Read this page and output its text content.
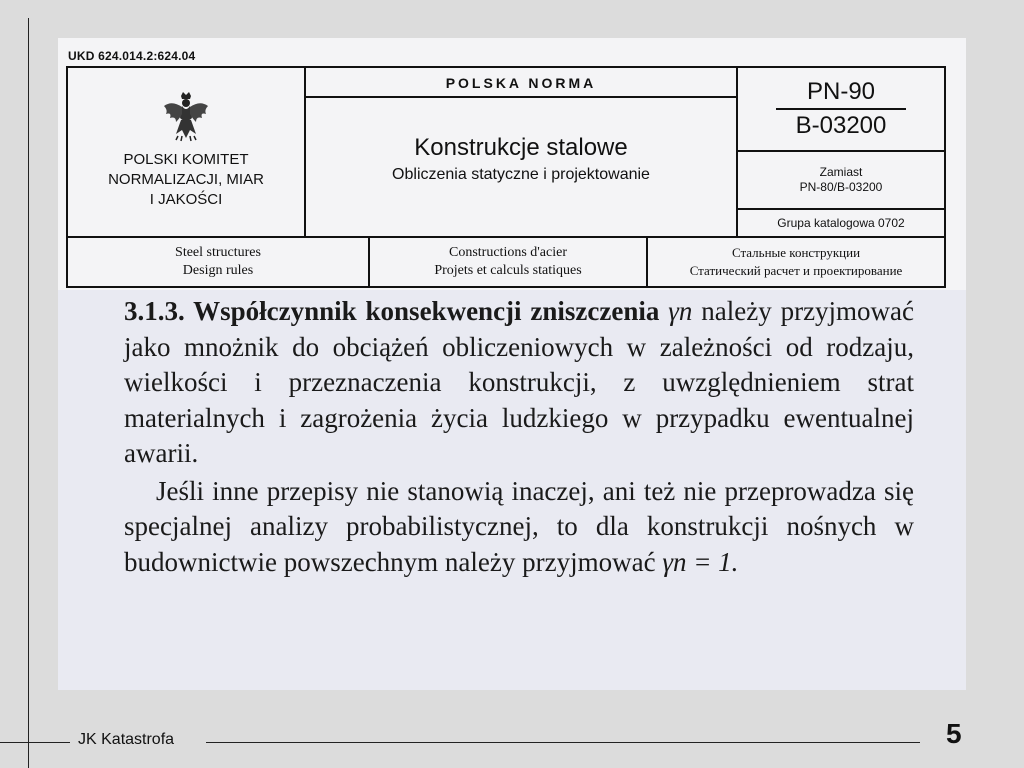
UKD 624.014.2:624.04
POLSKI KOMITET
NORMALIZACJI, MIAR
I JAKOŚCI
POLSKA NORMA
Konstrukcje stalowe
Obliczenia statyczne i projektowanie
PN-90
B-03200
Zamiast
PN-80/B-03200
Grupa katalogowa 0702
Steel structures
Design rules
Constructions d'acier
Projets et calculs statiques
Стальные конструкции
Статический расчет и проектирование

3.1.3. Współczynnik konsekwencji zniszczenia γn należy przyjmować jako mnożnik do obciążeń obliczeniowych w zależności od rodzaju, wielkości i przeznaczenia konstrukcji, z uwzględnieniem strat materialnych i zagrożenia życia ludzkiego w przypadku ewentualnej awarii.

Jeśli inne przepisy nie stanowią inaczej, ani też nie przeprowadza się specjalnej analizy probabilistycznej, to dla konstrukcji nośnych w budownictwie powszechnym należy przyjmować γn = 1.

JK Katastrofa	5
